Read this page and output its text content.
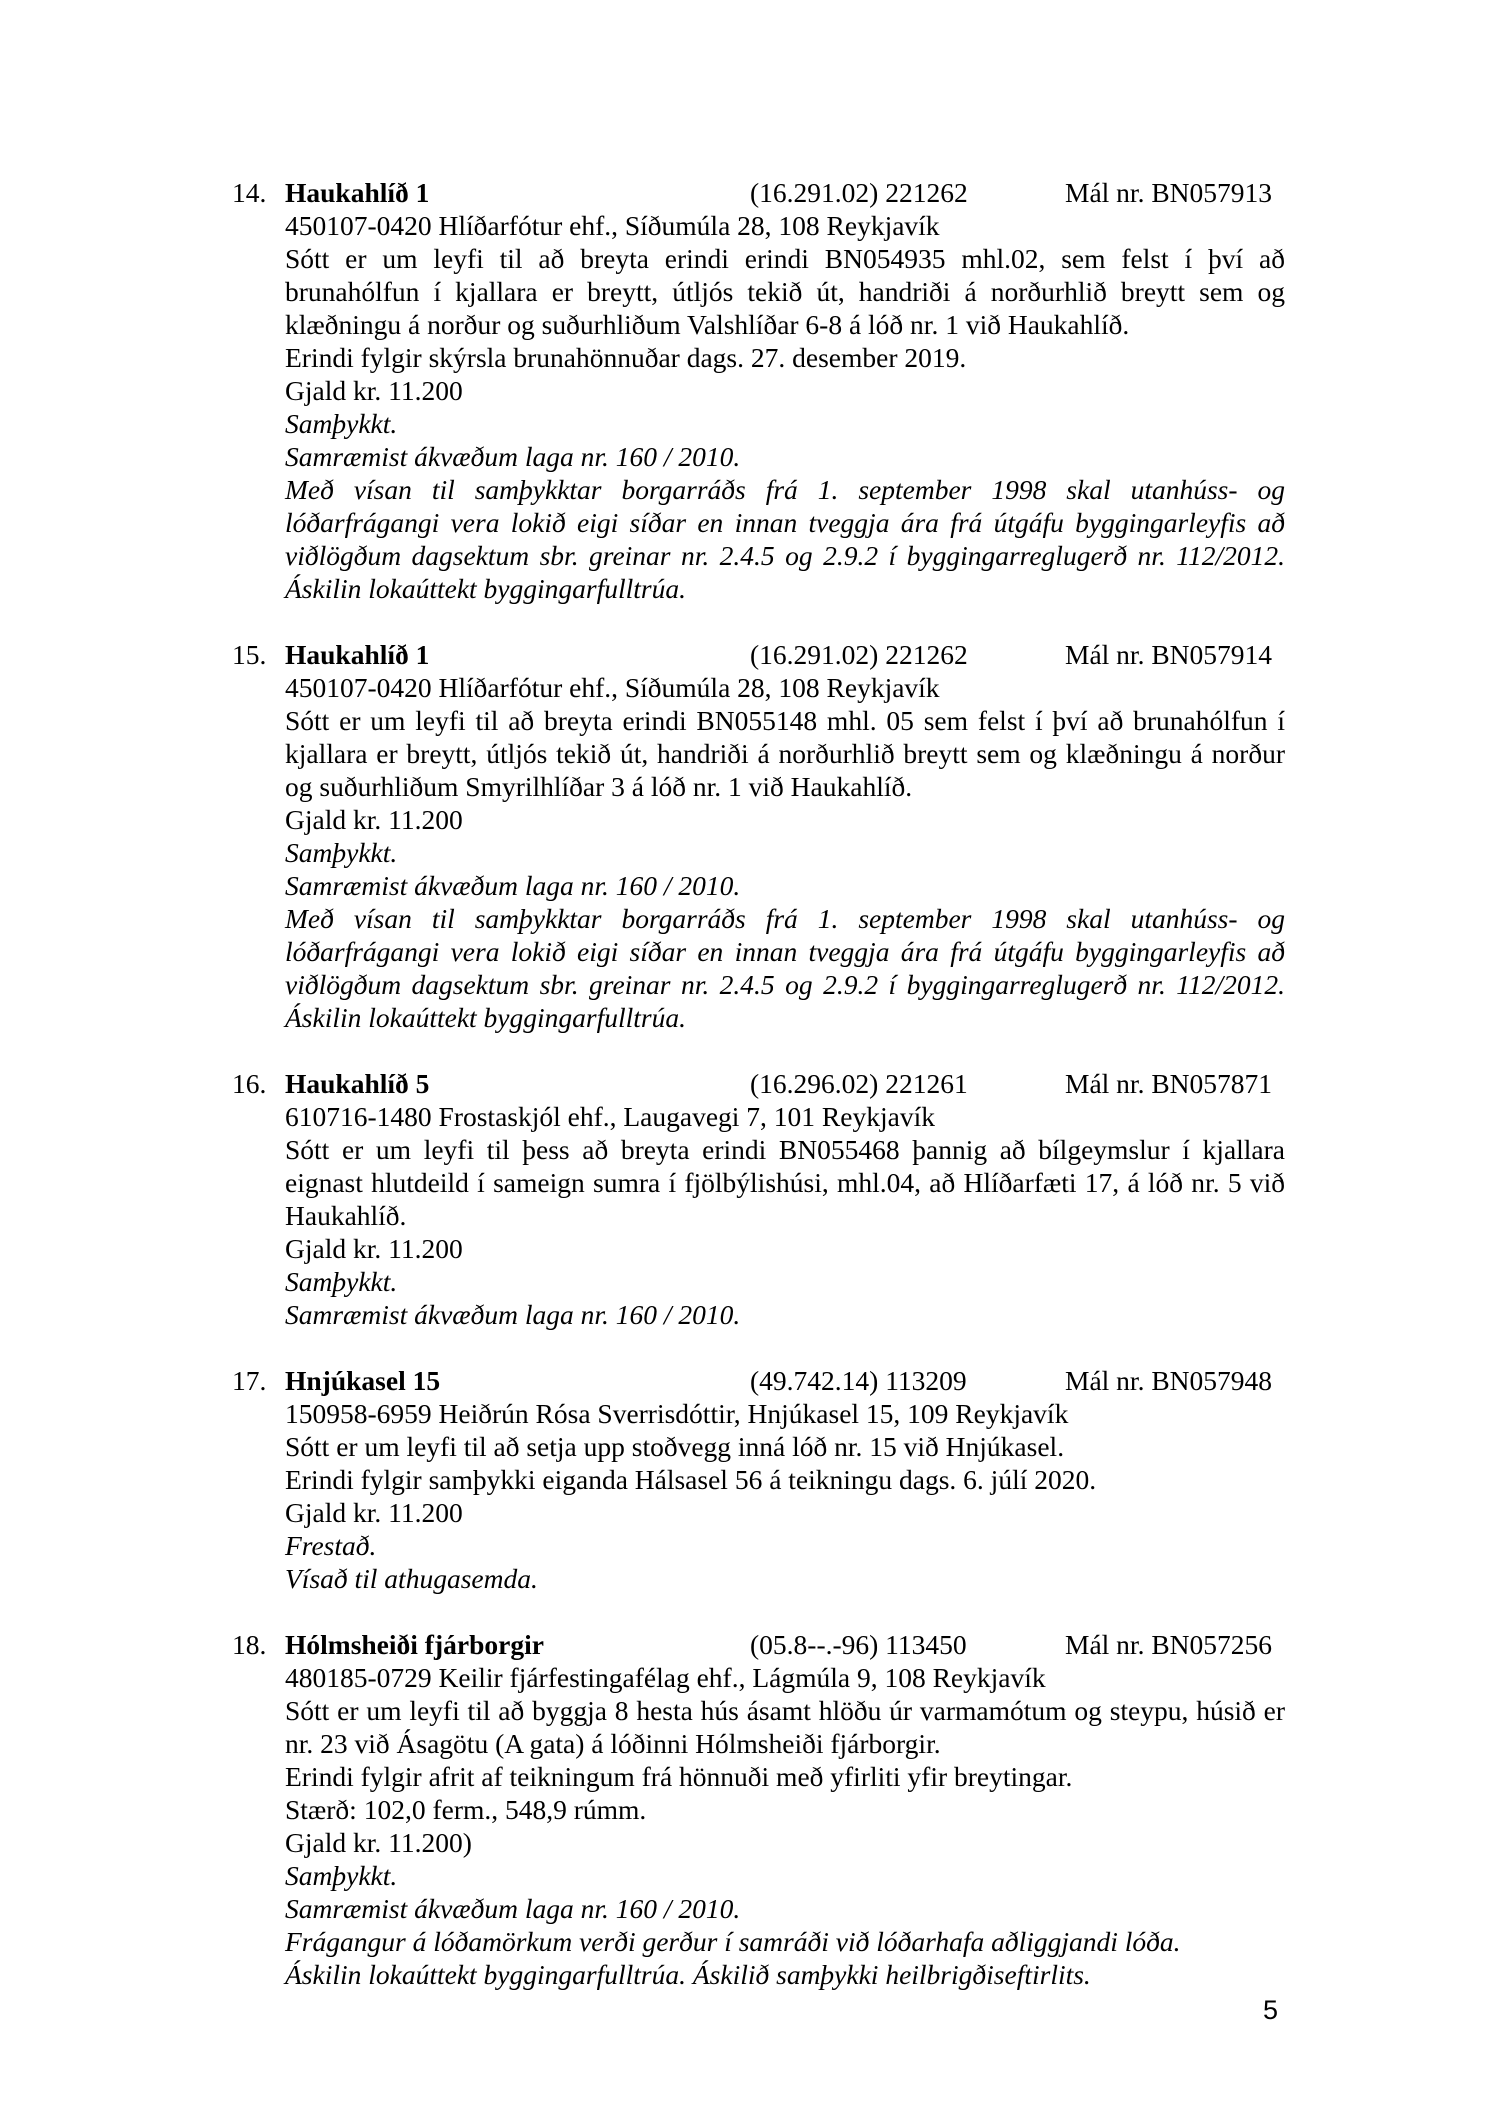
14. Haukahlíð 1	(16.291.02) 221262	Mál nr. BN057913

450107-0420 Hlíðarfótur ehf., Síðumúla 28, 108 Reykjavík

Sótt er um leyfi til að breyta erindi erindi BN054935 mhl.02, sem felst í því að brunahólfun í kjallara er breytt, útljós tekið út, handriði á norðurhlið breytt sem og klæðningu á norður og suðurhliðum Valshlíðar 6-8 á lóð nr. 1 við Haukahlíð.

Erindi fylgir skýrsla brunahönnuðar dags. 27. desember 2019.

Gjald kr. 11.200

Samþykkt.

Samræmist ákvæðum laga nr. 160 / 2010.

Með vísan til samþykktar borgarráðs frá 1. september 1998 skal utanhúss- og lóðarfrágangi vera lokið eigi síðar en innan tveggja ára frá útgáfu byggingarleyfis að viðlögðum dagsektum sbr. greinar nr. 2.4.5 og 2.9.2 í byggingarreglugerð nr. 112/2012. Áskilin lokaúttekt byggingarfulltrúa.

15. Haukahlíð 1	(16.291.02) 221262	Mál nr. BN057914

450107-0420 Hlíðarfótur ehf., Síðumúla 28, 108 Reykjavík

Sótt er um leyfi til að breyta erindi BN055148 mhl. 05 sem felst í því að brunahólfun í kjallara er breytt, útljós tekið út, handriði á norðurhlið breytt sem og klæðningu á norður og suðurhliðum Smyrilhlíðar 3 á lóð nr. 1 við Haukahlíð.

Gjald kr. 11.200

Samþykkt.

Samræmist ákvæðum laga nr. 160 / 2010.

Með vísan til samþykktar borgarráðs frá 1. september 1998 skal utanhúss- og lóðarfrágangi vera lokið eigi síðar en innan tveggja ára frá útgáfu byggingarleyfis að viðlögðum dagsektum sbr. greinar nr. 2.4.5 og 2.9.2 í byggingarreglugerð nr. 112/2012. Áskilin lokaúttekt byggingarfulltrúa.

16. Haukahlíð 5	(16.296.02) 221261	Mál nr. BN057871

610716-1480 Frostaskjól ehf., Laugavegi 7, 101 Reykjavík

Sótt er um leyfi til þess að breyta erindi BN055468 þannig að bílgeymslur í kjallara eignast hlutdeild í sameign sumra í fjölbýlishúsi, mhl.04, að Hlíðarfæti 17, á lóð nr. 5 við Haukahlíð.

Gjald kr. 11.200

Samþykkt.

Samræmist ákvæðum laga nr. 160 / 2010.

17. Hnjúkasel 15	(49.742.14) 113209	Mál nr. BN057948

150958-6959 Heiðrún Rósa Sverrisdóttir, Hnjúkasel 15, 109 Reykjavík

Sótt er um leyfi til að setja upp stoðvegg inná lóð nr. 15 við Hnjúkasel.

Erindi fylgir samþykki eiganda Hálsasel 56 á teikningu dags. 6. júlí 2020.

Gjald kr. 11.200

Frestað.

Vísað til athugasemda.

18. Hólmsheiði fjárborgir	(05.8--.-96) 113450	Mál nr. BN057256

480185-0729 Keilir fjárfestingafélag ehf., Lágmúla 9, 108 Reykjavík

Sótt er um leyfi til að byggja 8 hesta hús ásamt hlöðu úr varmamótum og steypu, húsið er nr. 23 við Ásagötu (A gata) á lóðinni Hólmsheiði fjárborgir.

Erindi fylgir afrit af teikningum frá hönnuði með yfirliti yfir breytingar.

Stærð: 102,0 ferm., 548,9 rúmm.

Gjald kr. 11.200)

Samþykkt.

Samræmist ákvæðum laga nr. 160 / 2010.

Frágangur á lóðamörkum verði gerður í samráði við lóðarhafa aðliggjandi lóða.

Áskilin lokaúttekt byggingarfulltrúa. Áskilið samþykki heilbrigðiseftirlits.

5
